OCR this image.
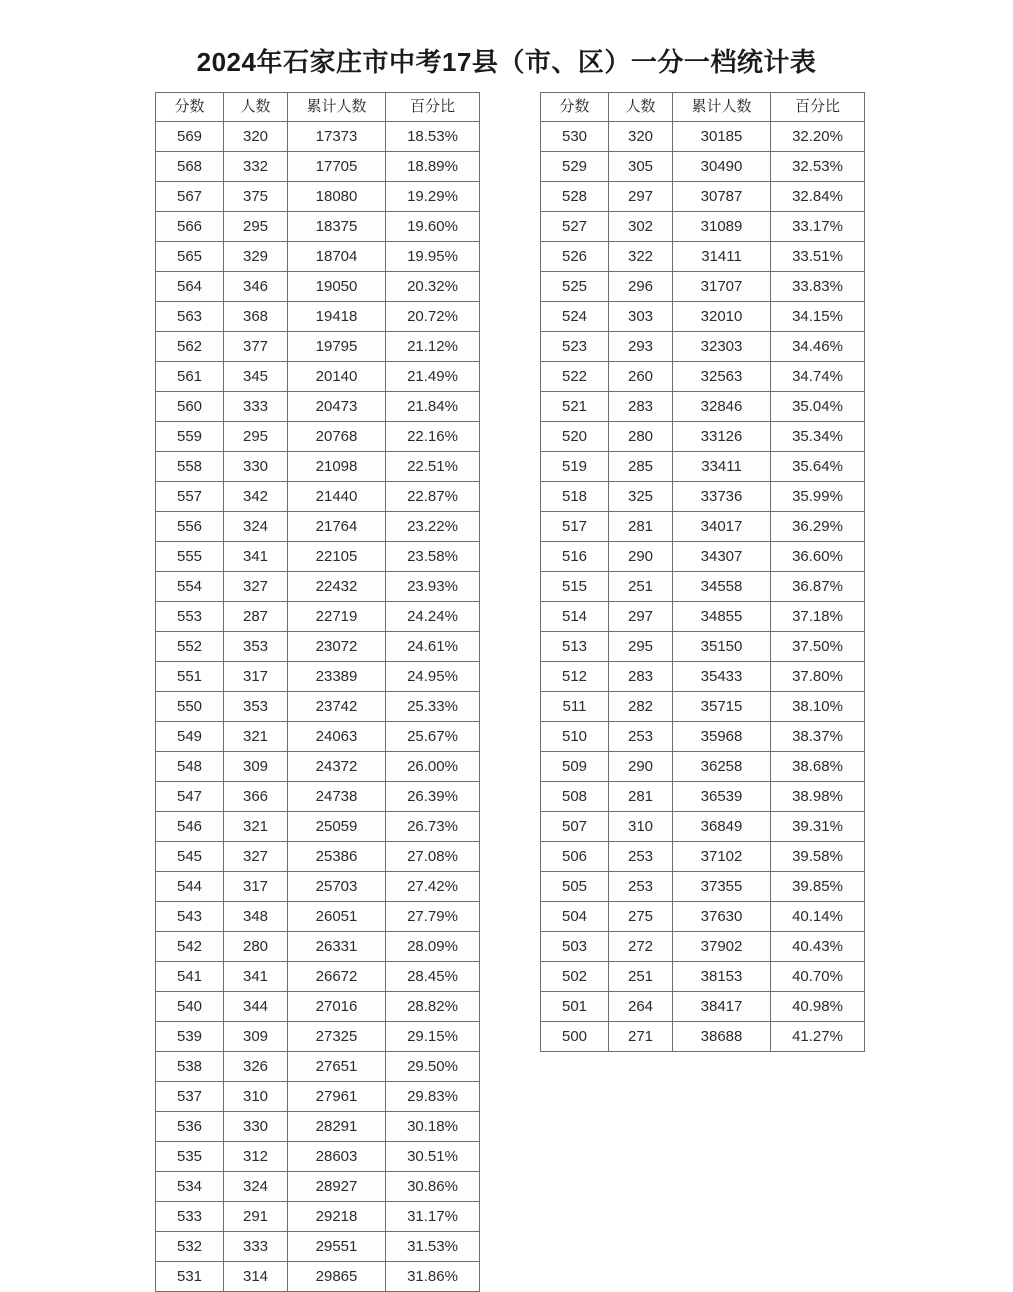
2024年石家庄市中考17县（市、区）一分一档统计表
分数	人数	累计人数	百分比
569	320	17373	18.53%
568	332	17705	18.89%
567	375	18080	19.29%
566	295	18375	19.60%
565	329	18704	19.95%
564	346	19050	20.32%
563	368	19418	20.72%
562	377	19795	21.12%
561	345	20140	21.49%
560	333	20473	21.84%
559	295	20768	22.16%
558	330	21098	22.51%
557	342	21440	22.87%
556	324	21764	23.22%
555	341	22105	23.58%
554	327	22432	23.93%
553	287	22719	24.24%
552	353	23072	24.61%
551	317	23389	24.95%
550	353	23742	25.33%
549	321	24063	25.67%
548	309	24372	26.00%
547	366	24738	26.39%
546	321	25059	26.73%
545	327	25386	27.08%
544	317	25703	27.42%
543	348	26051	27.79%
542	280	26331	28.09%
541	341	26672	28.45%
540	344	27016	28.82%
539	309	27325	29.15%
538	326	27651	29.50%
537	310	27961	29.83%
536	330	28291	30.18%
535	312	28603	30.51%
534	324	28927	30.86%
533	291	29218	31.17%
532	333	29551	31.53%
531	314	29865	31.86%
分数	人数	累计人数	百分比
530	320	30185	32.20%
529	305	30490	32.53%
528	297	30787	32.84%
527	302	31089	33.17%
526	322	31411	33.51%
525	296	31707	33.83%
524	303	32010	34.15%
523	293	32303	34.46%
522	260	32563	34.74%
521	283	32846	35.04%
520	280	33126	35.34%
519	285	33411	35.64%
518	325	33736	35.99%
517	281	34017	36.29%
516	290	34307	36.60%
515	251	34558	36.87%
514	297	34855	37.18%
513	295	35150	37.50%
512	283	35433	37.80%
511	282	35715	38.10%
510	253	35968	38.37%
509	290	36258	38.68%
508	281	36539	38.98%
507	310	36849	39.31%
506	253	37102	39.58%
505	253	37355	39.85%
504	275	37630	40.14%
503	272	37902	40.43%
502	251	38153	40.70%
501	264	38417	40.98%
500	271	38688	41.27%
